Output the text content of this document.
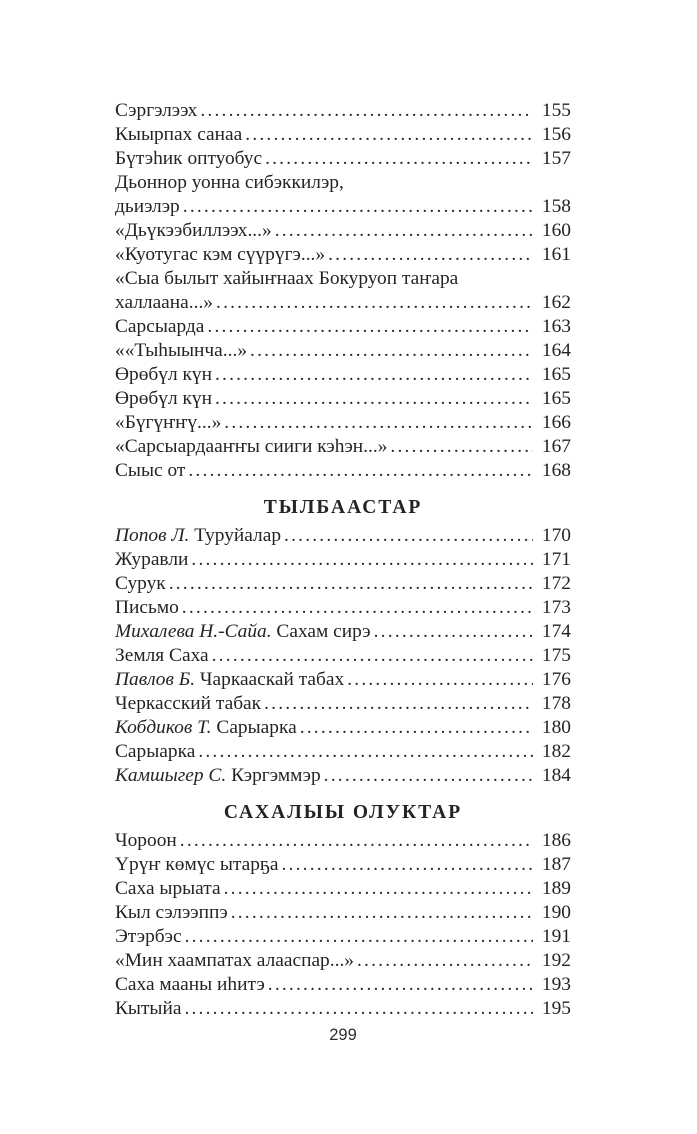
Сэргэлээх .....	155
Кыырпах санаа .....	156
Бүтэһик оптуобус .....	157
Дьоннор уонна сибэккилэр,
дьиэлэр .....	158
«Дьүкээбиллээх...» .....	160
«Куотугас кэм сүүрүгэ...» .....	161
«Сыа былыт хайыҥнаах Бокуруоп таҥара
халлаана...» .....	162
Сарсыарда .....	163
««Тыһыынча...» .....	164
Өрөбүл күн .....	165
Өрөбүл күн .....	165
«Бүгүҥҥү...» .....	166
«Сарсыардааҥҥы сииги кэһэн...» .....	167
Сыыс от .....	168
ТЫЛБААСТАР
Попов Л. Туруйалар .....	170
Журавли .....	171
Сурук .....	172
Письмо .....	173
Михалева Н.-Сайа. Сахам сирэ .....	174
Земля Саха .....	175
Павлов Б. Чаркааскай табах .....	176
Черкасский табак .....	178
Кобдиков Т. Сарыарка .....	180
Сарыарка .....	182
Камшыгер С. Кэргэммэр .....	184
САХАЛЫЫ ОЛУКТАР
Чороон .....	186
Үрүҥ көмүс ытарҕа .....	187
Саха ырыата .....	189
Кыл сэлээппэ .....	190
Этэрбэс .....	191
«Мин хаампатах алааспар...» .....	192
Саха мааны иһитэ .....	193
Кытыйа .....	195
299
